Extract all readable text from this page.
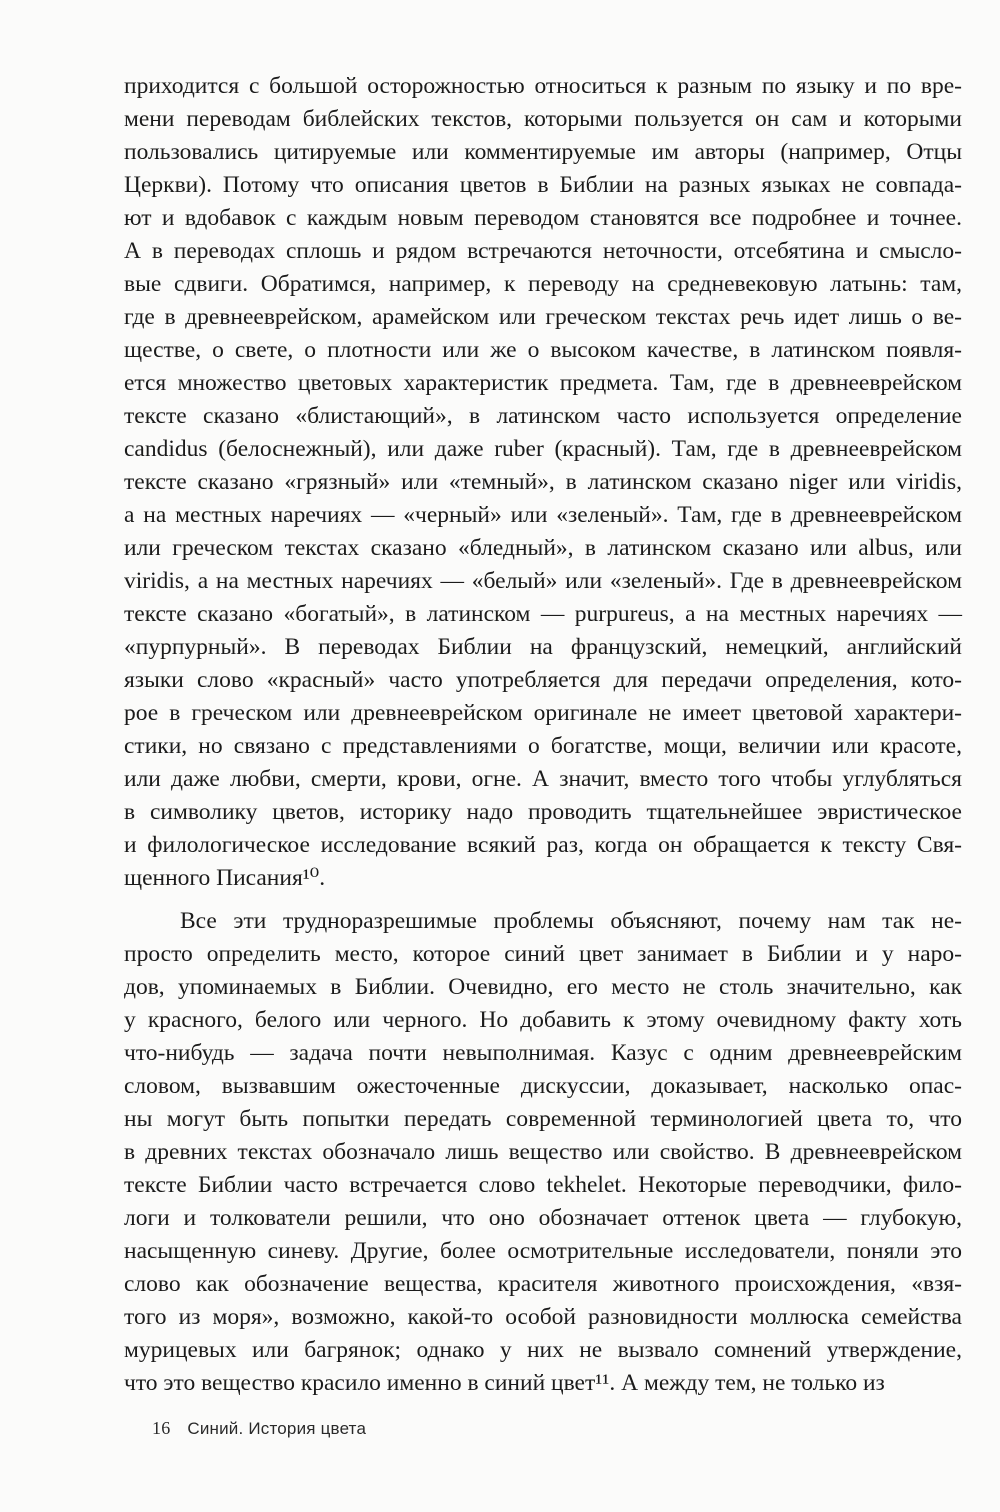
приходится с большой осторожностью относиться к разным по языку и по вре-
мени переводам библейских текстов, которыми пользуется он сам и которыми
пользовались цитируемые или комментируемые им авторы (например, Отцы
Церкви). Потому что описания цветов в Библии на разных языках не совпада-
ют и вдобавок с каждым новым переводом становятся все подробнее и точнее.
А в переводах сплошь и рядом встречаются неточности, отсебятина и смысло-
вые сдвиги. Обратимся, например, к переводу на средневековую латынь: там,
где в древнееврейском, арамейском или греческом текстах речь идет лишь о ве-
ществе, о свете, о плотности или же о высоком качестве, в латинском появля-
ется множество цветовых характеристик предмета. Там, где в древнееврейском
тексте сказано «блистающий», в латинском часто используется определение
candidus (белоснежный), или даже ruber (красный). Там, где в древнееврейском
тексте сказано «грязный» или «темный», в латинском сказано niger или viridis,
а на местных наречиях — «черный» или «зеленый». Там, где в древнееврейском
или греческом текстах сказано «бледный», в латинском сказано или albus, или
viridis, а на местных наречиях — «белый» или «зеленый». Где в древнееврейском
тексте сказано «богатый», в латинском — purpureus, а на местных наречиях —
«пурпурный». В переводах Библии на французский, немецкий, английский
языки слово «красный» часто употребляется для передачи определения, кото-
рое в греческом или древнееврейском оригинале не имеет цветовой характери-
стики, но связано с представлениями о богатстве, мощи, величии или красоте,
или даже любви, смерти, крови, огне. А значит, вместо того чтобы углубляться
в символику цветов, историку надо проводить тщательнейшее эвристическое
и филологическое исследование всякий раз, когда он обращается к тексту Свя-
щенного Писания¹⁰.
Все эти трудноразрешимые проблемы объясняют, почему нам так не-
просто определить место, которое синий цвет занимает в Библии и у наро-
дов, упоминаемых в Библии. Очевидно, его место не столь значительно, как
у красного, белого или черного. Но добавить к этому очевидному факту хоть
что-нибудь — задача почти невыполнимая. Казус с одним древнееврейским
словом, вызвавшим ожесточенные дискуссии, доказывает, насколько опас-
ны могут быть попытки передать современной терминологией цвета то, что
в древних текстах обозначало лишь вещество или свойство. В древнееврейском
тексте Библии часто встречается слово tekhelet. Некоторые переводчики, фило-
логи и толкователи решили, что оно обозначает оттенок цвета — глубокую,
насыщенную синеву. Другие, более осмотрительные исследователи, поняли это
слово как обозначение вещества, красителя животного происхождения, «взя-
того из моря», возможно, какой-то особой разновидности моллюска семейства
мурицевых или багрянок; однако у них не вызвало сомнений утверждение,
что это вещество красило именно в синий цвет¹¹. А между тем, не только из
16 Синий. История цвета
